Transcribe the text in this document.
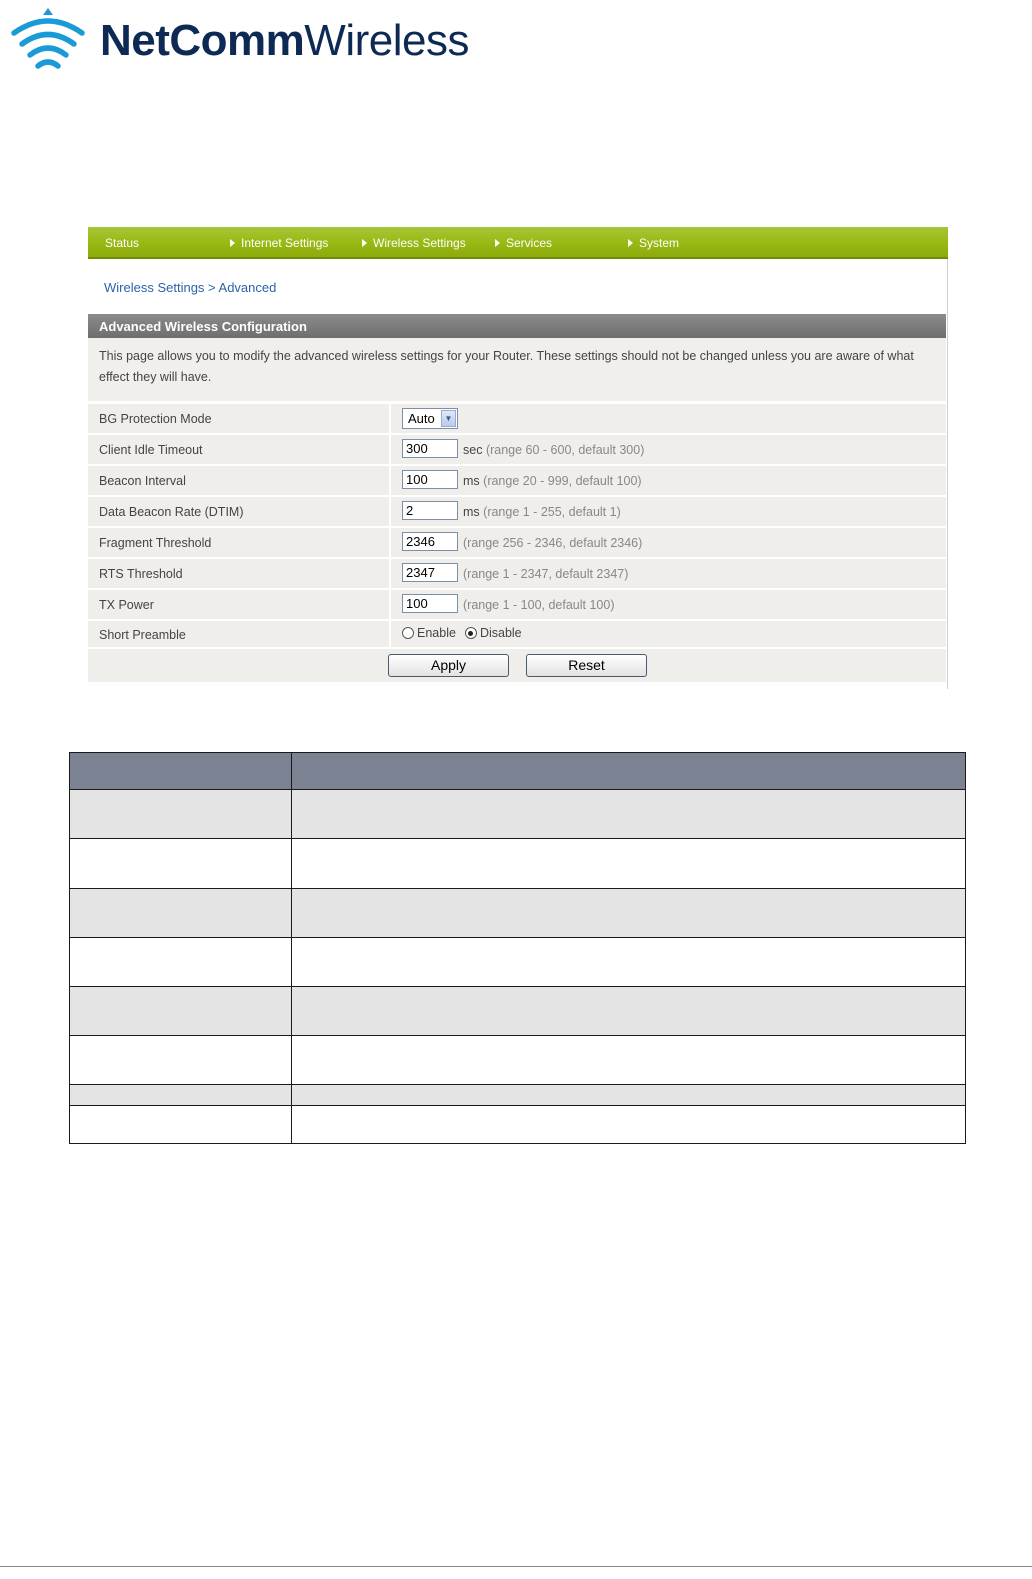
NetCommWireless
Status	Internet Settings	Wireless Settings	Services	System
Wireless Settings > Advanced
Advanced Wireless Configuration
This page allows you to modify the advanced wireless settings for your Router. These settings should not be changed unless you are aware of what
effect they will have.
BG Protection Mode	Auto	▼
Client Idle Timeout	300	sec (range 60 - 600, default 300)
Beacon Interval	100	ms (range 20 - 999, default 100)
Data Beacon Rate (DTIM)	2	ms (range 1 - 255, default 1)
Fragment Threshold	2346	(range 256 - 2346, default 2346)
RTS Threshold	2347	(range 1 - 2347, default 2347)
TX Power	100	(range 1 - 100, default 100)
Short Preamble	Enable Disable
Apply	Reset
